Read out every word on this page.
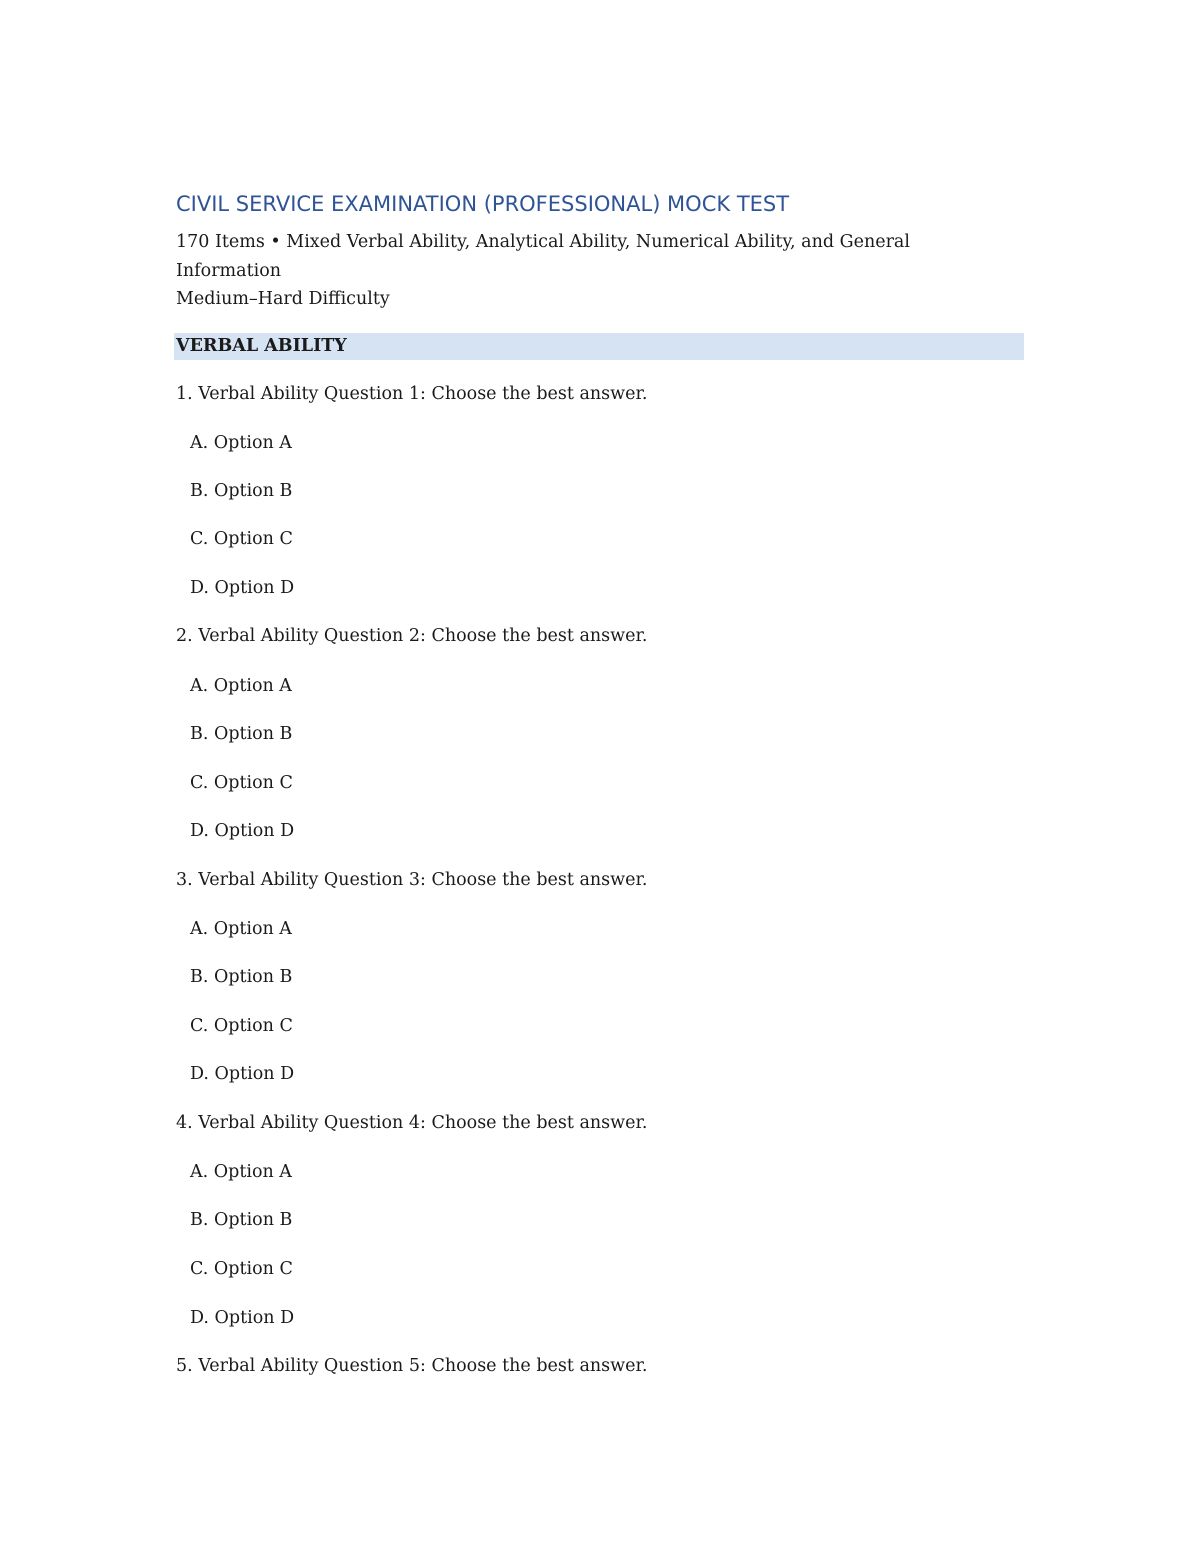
CIVIL SERVICE EXAMINATION (PROFESSIONAL) MOCK TEST
170 Items • Mixed Verbal Ability, Analytical Ability, Numerical Ability, and General Information
Medium–Hard Difficulty
VERBAL ABILITY
1. Verbal Ability Question 1: Choose the best answer.
A. Option A
B. Option B
C. Option C
D. Option D
2. Verbal Ability Question 2: Choose the best answer.
A. Option A
B. Option B
C. Option C
D. Option D
3. Verbal Ability Question 3: Choose the best answer.
A. Option A
B. Option B
C. Option C
D. Option D
4. Verbal Ability Question 4: Choose the best answer.
A. Option A
B. Option B
C. Option C
D. Option D
5. Verbal Ability Question 5: Choose the best answer.
